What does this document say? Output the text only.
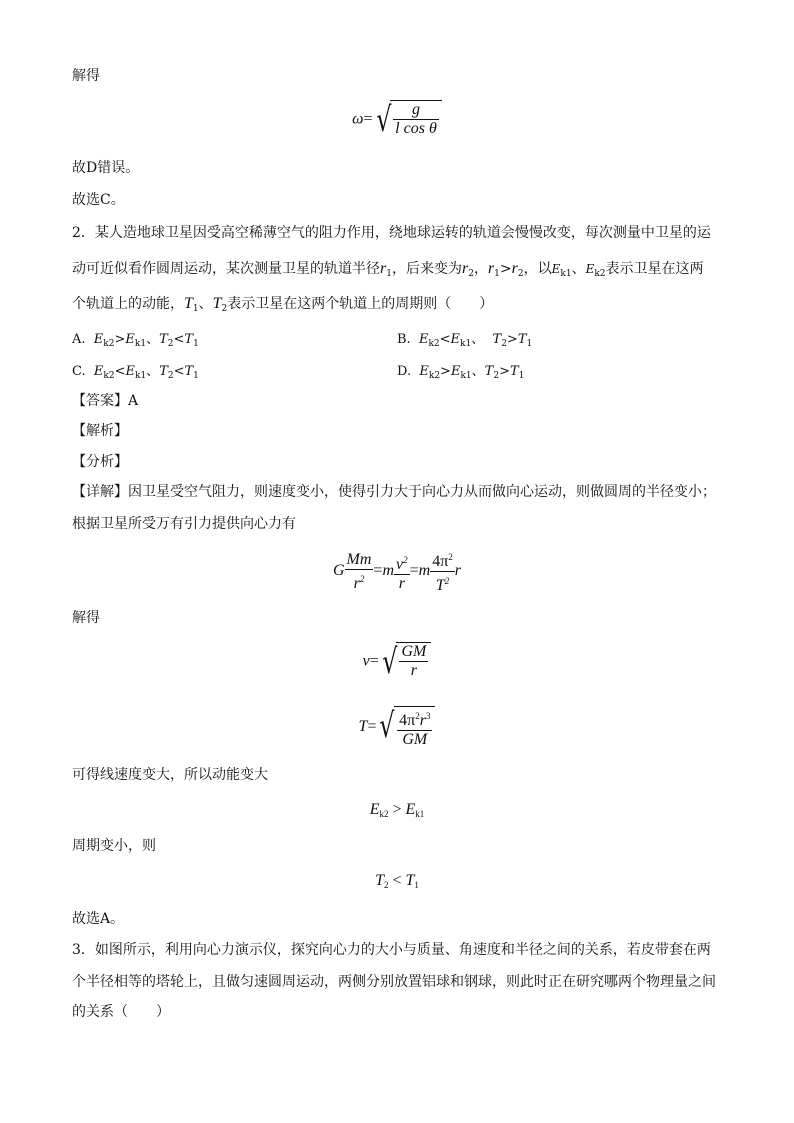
解得
ω= √ $\frac{g}{\text{l cos θ}}$
故D错误。
故选C。
2．某人造地球卫星因受高空稀薄空气的阻力作用，绕地球运转的轨道会慢慢改变，每次测量中卫星的运
动可近似看作圆周运动，某次测量卫星的轨道半径$r_1$，后来变为$r_2$，$r_1>r_2$，以$E_{k1}$、$E_{k2}$表示卫星在这两
个轨道上的动能，$T_1$、$T_2$表示卫星在这两个轨道上的周期则（　　）
A.  $E_{k2}>E_{k1}$、$T_2<T_1$	B.  $E_{k2}<E_{k1}$、 $T_2>T_1$
C.  $E_{k2}<E_{k1}$、$T_2<T_1$	D.  $E_{k2}>E_{k1}$、$T_2>T_1$
【答案】A
【解析】
【分析】
【详解】因卫星受空气阻力，则速度变小，使得引力大于向心力从而做向心运动，则做圆周的半径变小；
根据卫星所受万有引力提供向心力有
G $\frac{Mm}{r^2} =m \frac{v^2}{r} =m \frac{4\pi^2}{T^2}$ r
解得
v= √ $\frac{GM}{r}$
T= √ $\frac{4\pi^2r^3}{GM}$
可得线速度变大，所以动能变大
$E_{k2} > E_{k1}$
周期变小，则
$T_2 < T_1$
故选A。
3．如图所示，利用向心力演示仪，探究向心力的大小与质量、角速度和半径之间的关系，若皮带套在两
个半径相等的塔轮上，且做匀速圆周运动，两侧分别放置铝球和钢球，则此时正在研究哪两个物理量之间
的关系（　　）
